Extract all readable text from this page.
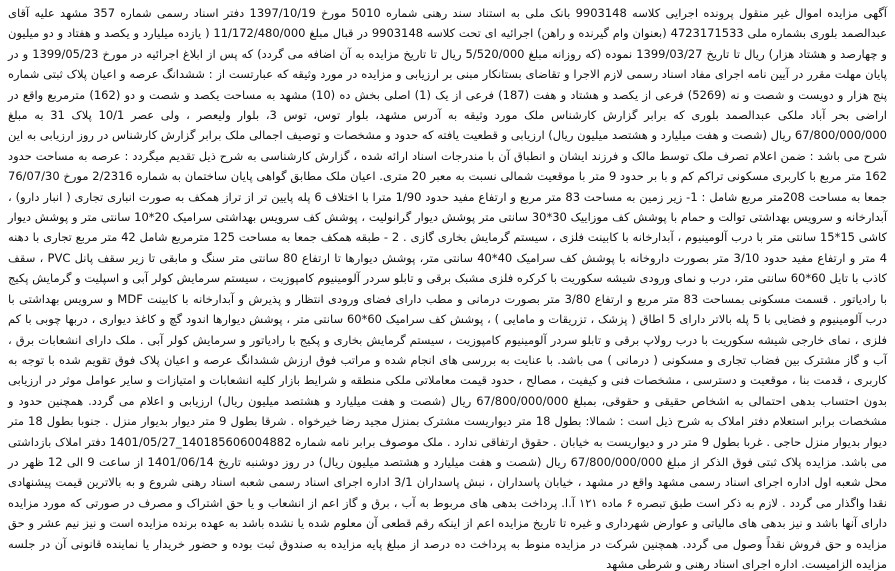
آگهی مزایده اموال غیر منقول پرونده اجرایی کلاسه 9903148 بانک ملی به استناد سند رهنی شماره 5010 مورخ 1397/10/19 دفتر اسناد رسمی شماره 357 مشهد علیه آقای عبدالصمد بلوری بشماره ملی 4723171533 (بعنوان وام گیرنده و راهن) اجرائیه ای تحت کلاسه 9903148 در قبال مبلغ 11/172/480/000 ( یازده میلیارد و یکصد و هفتاد و دو میلیون و چهارصد و هشتاد هزار) ریال تا تاریخ 1399/03/27 نموده (که روزانه مبلغ 5/520/000 ریال تا تاریخ مزایده به آن اضافه می گردد) که پس از ابلاغ اجرائیه در مورخ 1399/05/23 و در پایان مهلت مقرر در آیین نامه اجرای مفاد اسناد رسمی لازم الاجرا و تقاضای بستانکار مبنی بر ارزیابی و مزایده در مورد وثیقه که عبارتست از : ششدانگ عرصه و اعیان پلاک ثبتی شماره پنج هزار و دویست و شصت و نه (5269) فرعی از یکصد و هشتاد و هفت (187) فرعی از یک (1) اصلی بخش ده (10) مشهد به مساحت یکصد و شصت و دو (162) مترمربع واقع در اراضی بحر آباد ملکی عبدالصمد بلوری که برابر گزارش کارشناس ملک مورد وثیقه به آدرس مشهد، بلوار توس، توس 3، بلوار ولیعصر ، ولی عصر 10/1 پلاک 31 به مبلغ 67/800/000/000 ریال (شصت و هفت میلیارد و هشتصد میلیون ریال) ارزیابی و قطعیت یافته که حدود و مشخصات و توصیف اجمالی ملک برابر گزارش کارشناس در روز ارزیابی به این شرح می باشد : ضمن اعلام تصرف ملک توسط مالک و فرزند ایشان و انطباق آن با مندرجات اسناد ارائه شده ، گزارش کارشناسی به شرح ذیل تقدیم میگردد : عرصه به مساحت حدود 162 متر مربع با کاربری مسکونی تراکم کم و با بر حدود 9 متر با موقعیت شمالی نسبت به معبر 20 متری. اعیان ملک مطابق گواهی پایان ساختمان به شماره 2/2316 مورخ 76/07/30 جمعا به مساحت 208متر مربع شامل : 1- زیر زمین به مساحت 83 متر مربع و ارتفاع مفید حدود 1/90 مترا با اختلاف 6 پله پایین تر از تراز همکف به صورت انباری تجاری ( انبار دارو) ، آبدارخانه و سرویس بهداشتی توالت و حمام با پوشش کف موزاییک 30*30 سانتی متر پوشش دیوار گرانولیت ، پوشش کف سرویس بهداشتی سرامیک 20*10 سانتی متر و پوشش دیوار کاشی 15*15 سانتی متر با درب آلومینیوم ، آبدارخانه با کابینت فلزی ، سیستم گرمایش بخاری گازی . 2 - طبقه همکف جمعا به مساحت 125 مترمربع شامل 42 متر مربع تجاری با دهنه 4 متر و ارتفاع مفید حدود 3/10 متر بصورت داروخانه با پوشش کف سرامیک 40*40 سانتی متر، پوشش دیوارها تا ارتفاع 80 سانتی متر سنگ و مابقی تا زیر سقف پانل PVC ، سقف کاذب با تایل 60*60 سانتی متر، درب و نمای ورودی شیشه سکوریت با کرکره فلزی مشبک برقی و تابلو سردر آلومینیوم کامپوزیت ، سیستم سرمایش کولر آبی و اسپلیت و گرمایش پکیج با رادیاتور . قسمت مسکونی بمساحت 83 متر مربع و ارتفاع 3/80 متر بصورت درمانی و مطب دارای فضای ورودی انتظار و پذیرش و آبدارخانه با کابینت MDF و سرویس بهداشتی با درب آلومینیوم و فضایی با 5 پله بالاتر دارای 5 اطاق ( پزشک ، تزریقات و مامایی ) ، پوشش کف سرامیک 60*60 سانتی متر ، پوشش دیوارها اندود گچ و کاغذ دیواری ، دربها چوبی با کم فلزی ، نمای خارجی شیشه سکوریت با درب رولاپ برقی و تابلو سردر آلومینیوم کامپوزیت ، سیستم گرمایش بخاری و پکیج با رادیاتور و سرمایش کولر آبی . ملک دارای انشعابات برق ، آب و گاز مشترک بین فضاب تجاری و مسکونی ( درمانی ) می باشد. با عنایت به بررسی های انجام شده و مراتب فوق ارزش ششدانگ عرصه و اعیان پلاک فوق تقویم شده با توجه به کاربری ، قدمت بنا ، موقعیت و دسترسی ، مشخصات فنی و کیفیت ، مصالح ، حدود قیمت معاملاتی ملکی منطقه و شرایط بازار کلیه انشعابات و امتیازات و سایر عوامل موثر در ارزیابی بدون احتساب بدهی احتمالی به اشخاص حقیقی و حقوقی، بمبلغ 67/800/000/000 ریال (شصت و هفت میلیارد و هشتصد میلیون ریال) ارزیابی و اعلام می گردد. همچنین حدود و مشخصات برابر استعلام دفتر املاک به شرح ذیل است : شمالا: بطول 18 متر دیواریست مشترک بمنزل مجید رضا خیرخواه . شرقا بطول 9 متر دیوار بدیوار منزل . جنوبا بطول 18 متر دیوار بدیوار منزل حاجی . غربا بطول 9 متر در و دیواریست به خیابان . حقوق ارتفاقی ندارد . ملک موصوف برابر نامه شماره 140185606004882_1401/05/27 دفتر املاک بازداشتی می باشد. مزایده پلاک ثبتی فوق الذکر از مبلغ 67/800/000/000 ریال (شصت و هفت میلیارد و هشتصد میلیون ریال) در روز دوشنبه تاریخ 1401/06/14 از ساعت 9 الی 12 ظهر در محل شعبه اول اداره اجرای اسناد رسمی مشهد واقع در مشهد ، خیابان پاسداران ، نبش پاسداران 3/1 اداره اجرای اسناد رسمی شعبه اسناد رهنی شروع و به بالاترین قیمت پیشنهادی نقدا واگذار می گردد . لازم به ذکر است طبق تبصره ۶ ماده ۱۲۱ آ.ا. پرداخت بدهی های مربوط به آب ، برق و گاز اعم از انشعاب و یا حق اشتراک و مصرف در صورتی که مورد مزایده دارای آنها باشد و نیز بدهی های مالیاتی و عوارض شهرداری و غیره تا تاریخ مزایده اعم از اینکه رقم قطعی آن معلوم شده یا نشده باشد به عهده برنده مزایده است و نیز نیم عشر و حق مزایده و حق فروش نقداً وصول می گردد. همچنین شرکت در مزایده منوط به پرداخت ده درصد از مبلغ پایه مزایده به صندوق ثبت بوده و حضور خریدار یا نماینده قانونی آن در جلسه مزایده الزامیست. اداره اجرای اسناد رهنی و شرطی مشهد
